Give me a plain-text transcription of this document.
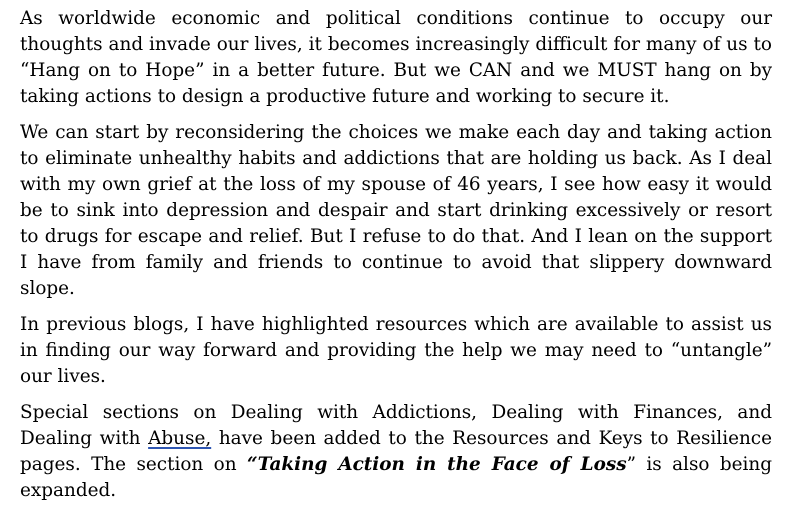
As worldwide economic and political conditions continue to occupy our thoughts and invade our lives, it becomes increasingly difficult for many of us to “Hang on to Hope” in a better future. But we CAN and we MUST hang on by taking actions to design a productive future and working to secure it.

We can start by reconsidering the choices we make each day and taking action to eliminate unhealthy habits and addictions that are holding us back. As I deal with my own grief at the loss of my spouse of 46 years, I see how easy it would be to sink into depression and despair and start drinking excessively or resort to drugs for escape and relief. But I refuse to do that. And I lean on the support I have from family and friends to continue to avoid that slippery downward slope.

In previous blogs, I have highlighted resources which are available to assist us in finding our way forward and providing the help we may need to “untangle” our lives.

Special sections on Dealing with Addictions, Dealing with Finances, and Dealing with Abuse, have been added to the Resources and Keys to Resilience pages. The section on “Taking Action in the Face of Loss” is also being expanded.
